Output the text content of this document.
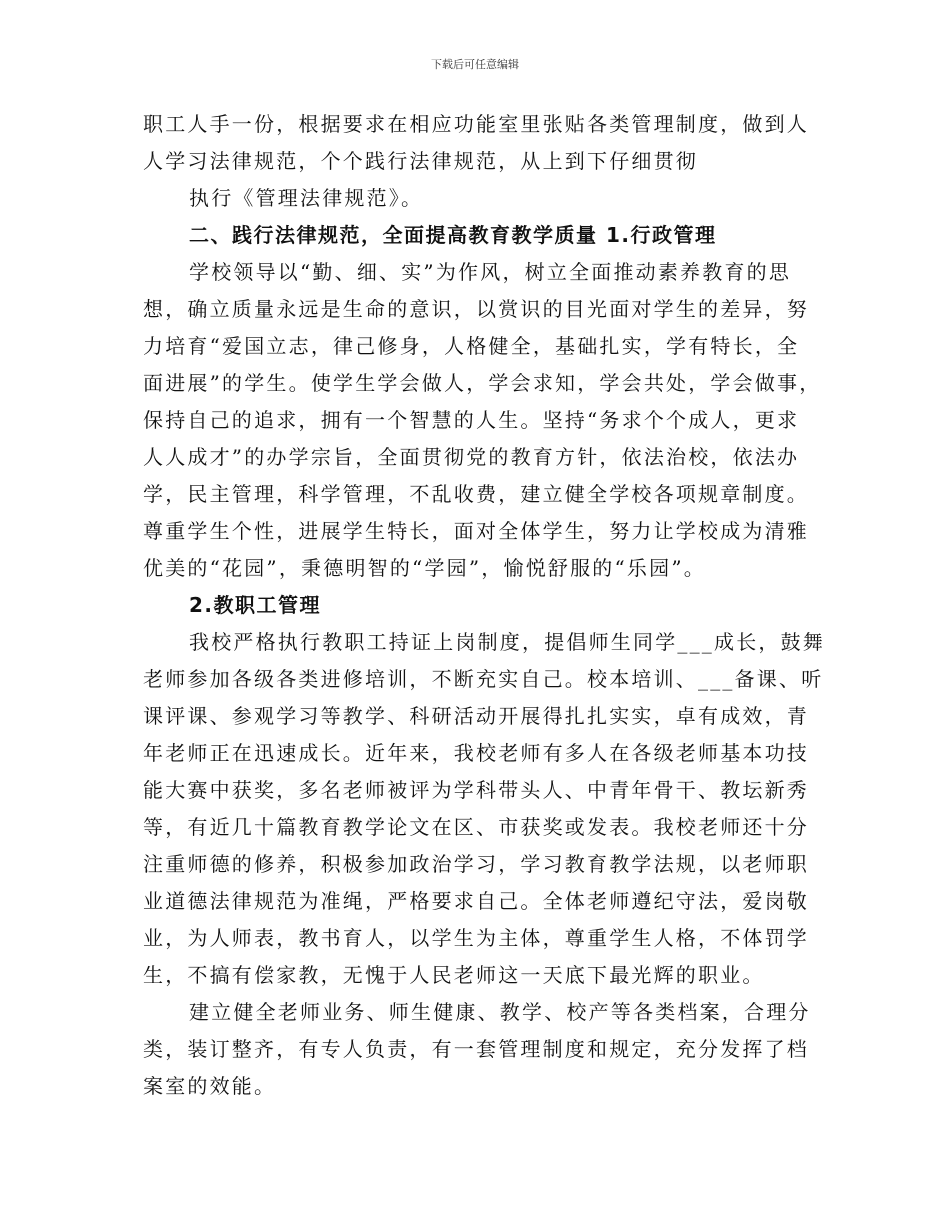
下载后可任意编辑
职工人手一份，根据要求在相应功能室里张贴各类管理制度，做到人
人学习法律规范，个个践行法律规范，从上到下仔细贯彻
执行《管理法律规范》。
二、践行法律规范，全面提高教育教学质量 1.行政管理
学校领导以“勤、细、实”为作风，树立全面推动素养教育的思
想，确立质量永远是生命的意识，以赏识的目光面对学生的差异，努
力培育“爱国立志，律己修身，人格健全，基础扎实，学有特长，全
面进展”的学生。使学生学会做人，学会求知，学会共处，学会做事，
保持自己的追求，拥有一个智慧的人生。坚持“务求个个成人，更求
人人成才”的办学宗旨，全面贯彻党的教育方针，依法治校，依法办
学，民主管理，科学管理，不乱收费，建立健全学校各项规章制度。
尊重学生个性，进展学生特长，面对全体学生，努力让学校成为清雅
优美的“花园”，秉德明智的“学园”，愉悦舒服的“乐园”。
2.教职工管理
我校严格执行教职工持证上岗制度，提倡师生同学___成长，鼓舞
老师参加各级各类进修培训，不断充实自己。校本培训、___备课、听
课评课、参观学习等教学、科研活动开展得扎扎实实，卓有成效，青
年老师正在迅速成长。近年来，我校老师有多人在各级老师基本功技
能大赛中获奖，多名老师被评为学科带头人、中青年骨干、教坛新秀
等，有近几十篇教育教学论文在区、市获奖或发表。我校老师还十分
注重师德的修养，积极参加政治学习，学习教育教学法规，以老师职
业道德法律规范为准绳，严格要求自己。全体老师遵纪守法，爱岗敬
业，为人师表，教书育人，以学生为主体，尊重学生人格，不体罚学
生，不搞有偿家教，无愧于人民老师这一天底下最光辉的职业。
建立健全老师业务、师生健康、教学、校产等各类档案，合理分
类，装订整齐，有专人负责，有一套管理制度和规定，充分发挥了档
案室的效能。
